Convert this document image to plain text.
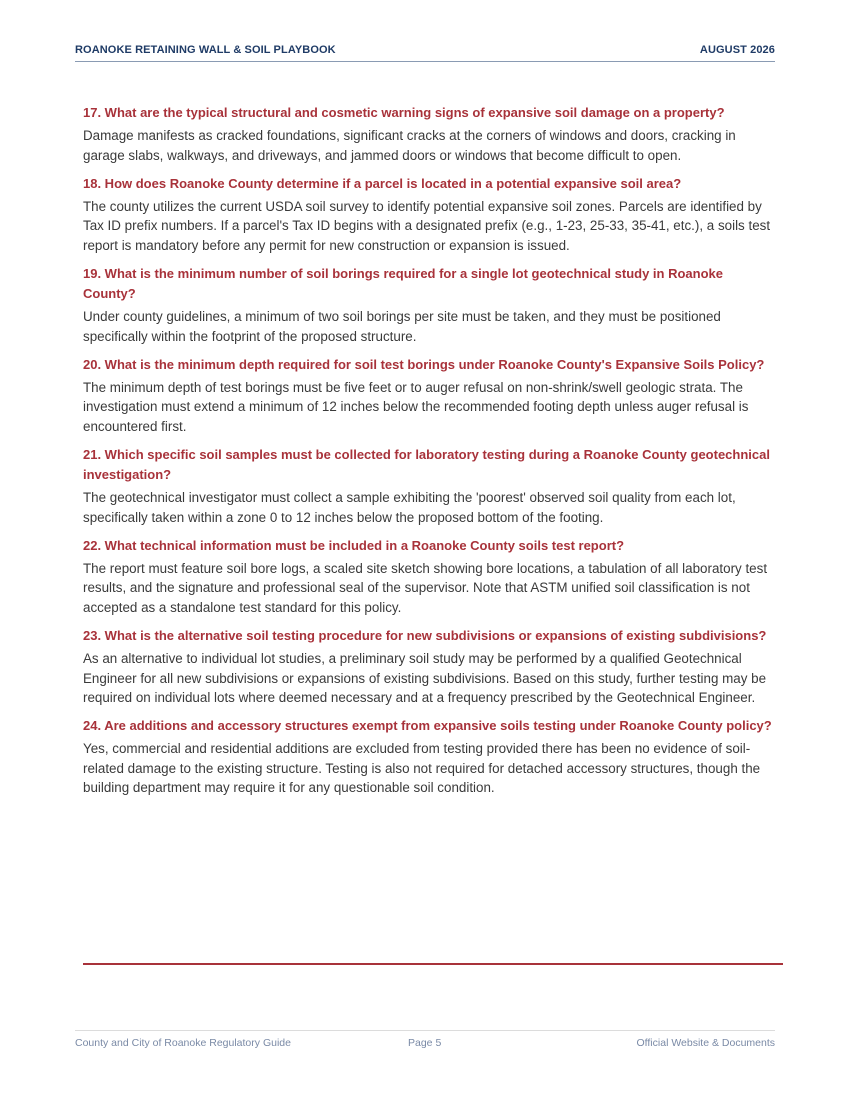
ROANOKE RETAINING WALL & SOIL PLAYBOOK	AUGUST 2026

17. What are the typical structural and cosmetic warning signs of expansive soil damage on a property?

Damage manifests as cracked foundations, significant cracks at the corners of windows and doors, cracking in garage slabs, walkways, and driveways, and jammed doors or windows that become difficult to open.

18. How does Roanoke County determine if a parcel is located in a potential expansive soil area?

The county utilizes the current USDA soil survey to identify potential expansive soil zones. Parcels are identified by Tax ID prefix numbers. If a parcel's Tax ID begins with a designated prefix (e.g., 1-23, 25-33, 35-41, etc.), a soils test report is mandatory before any permit for new construction or expansion is issued.

19. What is the minimum number of soil borings required for a single lot geotechnical study in Roanoke County?

Under county guidelines, a minimum of two soil borings per site must be taken, and they must be positioned specifically within the footprint of the proposed structure.

20. What is the minimum depth required for soil test borings under Roanoke County's Expansive Soils Policy?

The minimum depth of test borings must be five feet or to auger refusal on non-shrink/swell geologic strata. The investigation must extend a minimum of 12 inches below the recommended footing depth unless auger refusal is encountered first.

21. Which specific soil samples must be collected for laboratory testing during a Roanoke County geotechnical investigation?

The geotechnical investigator must collect a sample exhibiting the 'poorest' observed soil quality from each lot, specifically taken within a zone 0 to 12 inches below the proposed bottom of the footing.

22. What technical information must be included in a Roanoke County soils test report?

The report must feature soil bore logs, a scaled site sketch showing bore locations, a tabulation of all laboratory test results, and the signature and professional seal of the supervisor. Note that ASTM unified soil classification is not accepted as a standalone test standard for this policy.

23. What is the alternative soil testing procedure for new subdivisions or expansions of existing subdivisions?

As an alternative to individual lot studies, a preliminary soil study may be performed by a qualified Geotechnical Engineer for all new subdivisions or expansions of existing subdivisions. Based on this study, further testing may be required on individual lots where deemed necessary and at a frequency prescribed by the Geotechnical Engineer.

24. Are additions and accessory structures exempt from expansive soils testing under Roanoke County policy?

Yes, commercial and residential additions are excluded from testing provided there has been no evidence of soil-related damage to the existing structure. Testing is also not required for detached accessory structures, though the building department may require it for any questionable soil condition.

County and City of Roanoke Regulatory Guide	Page 5	Official Website & Documents
